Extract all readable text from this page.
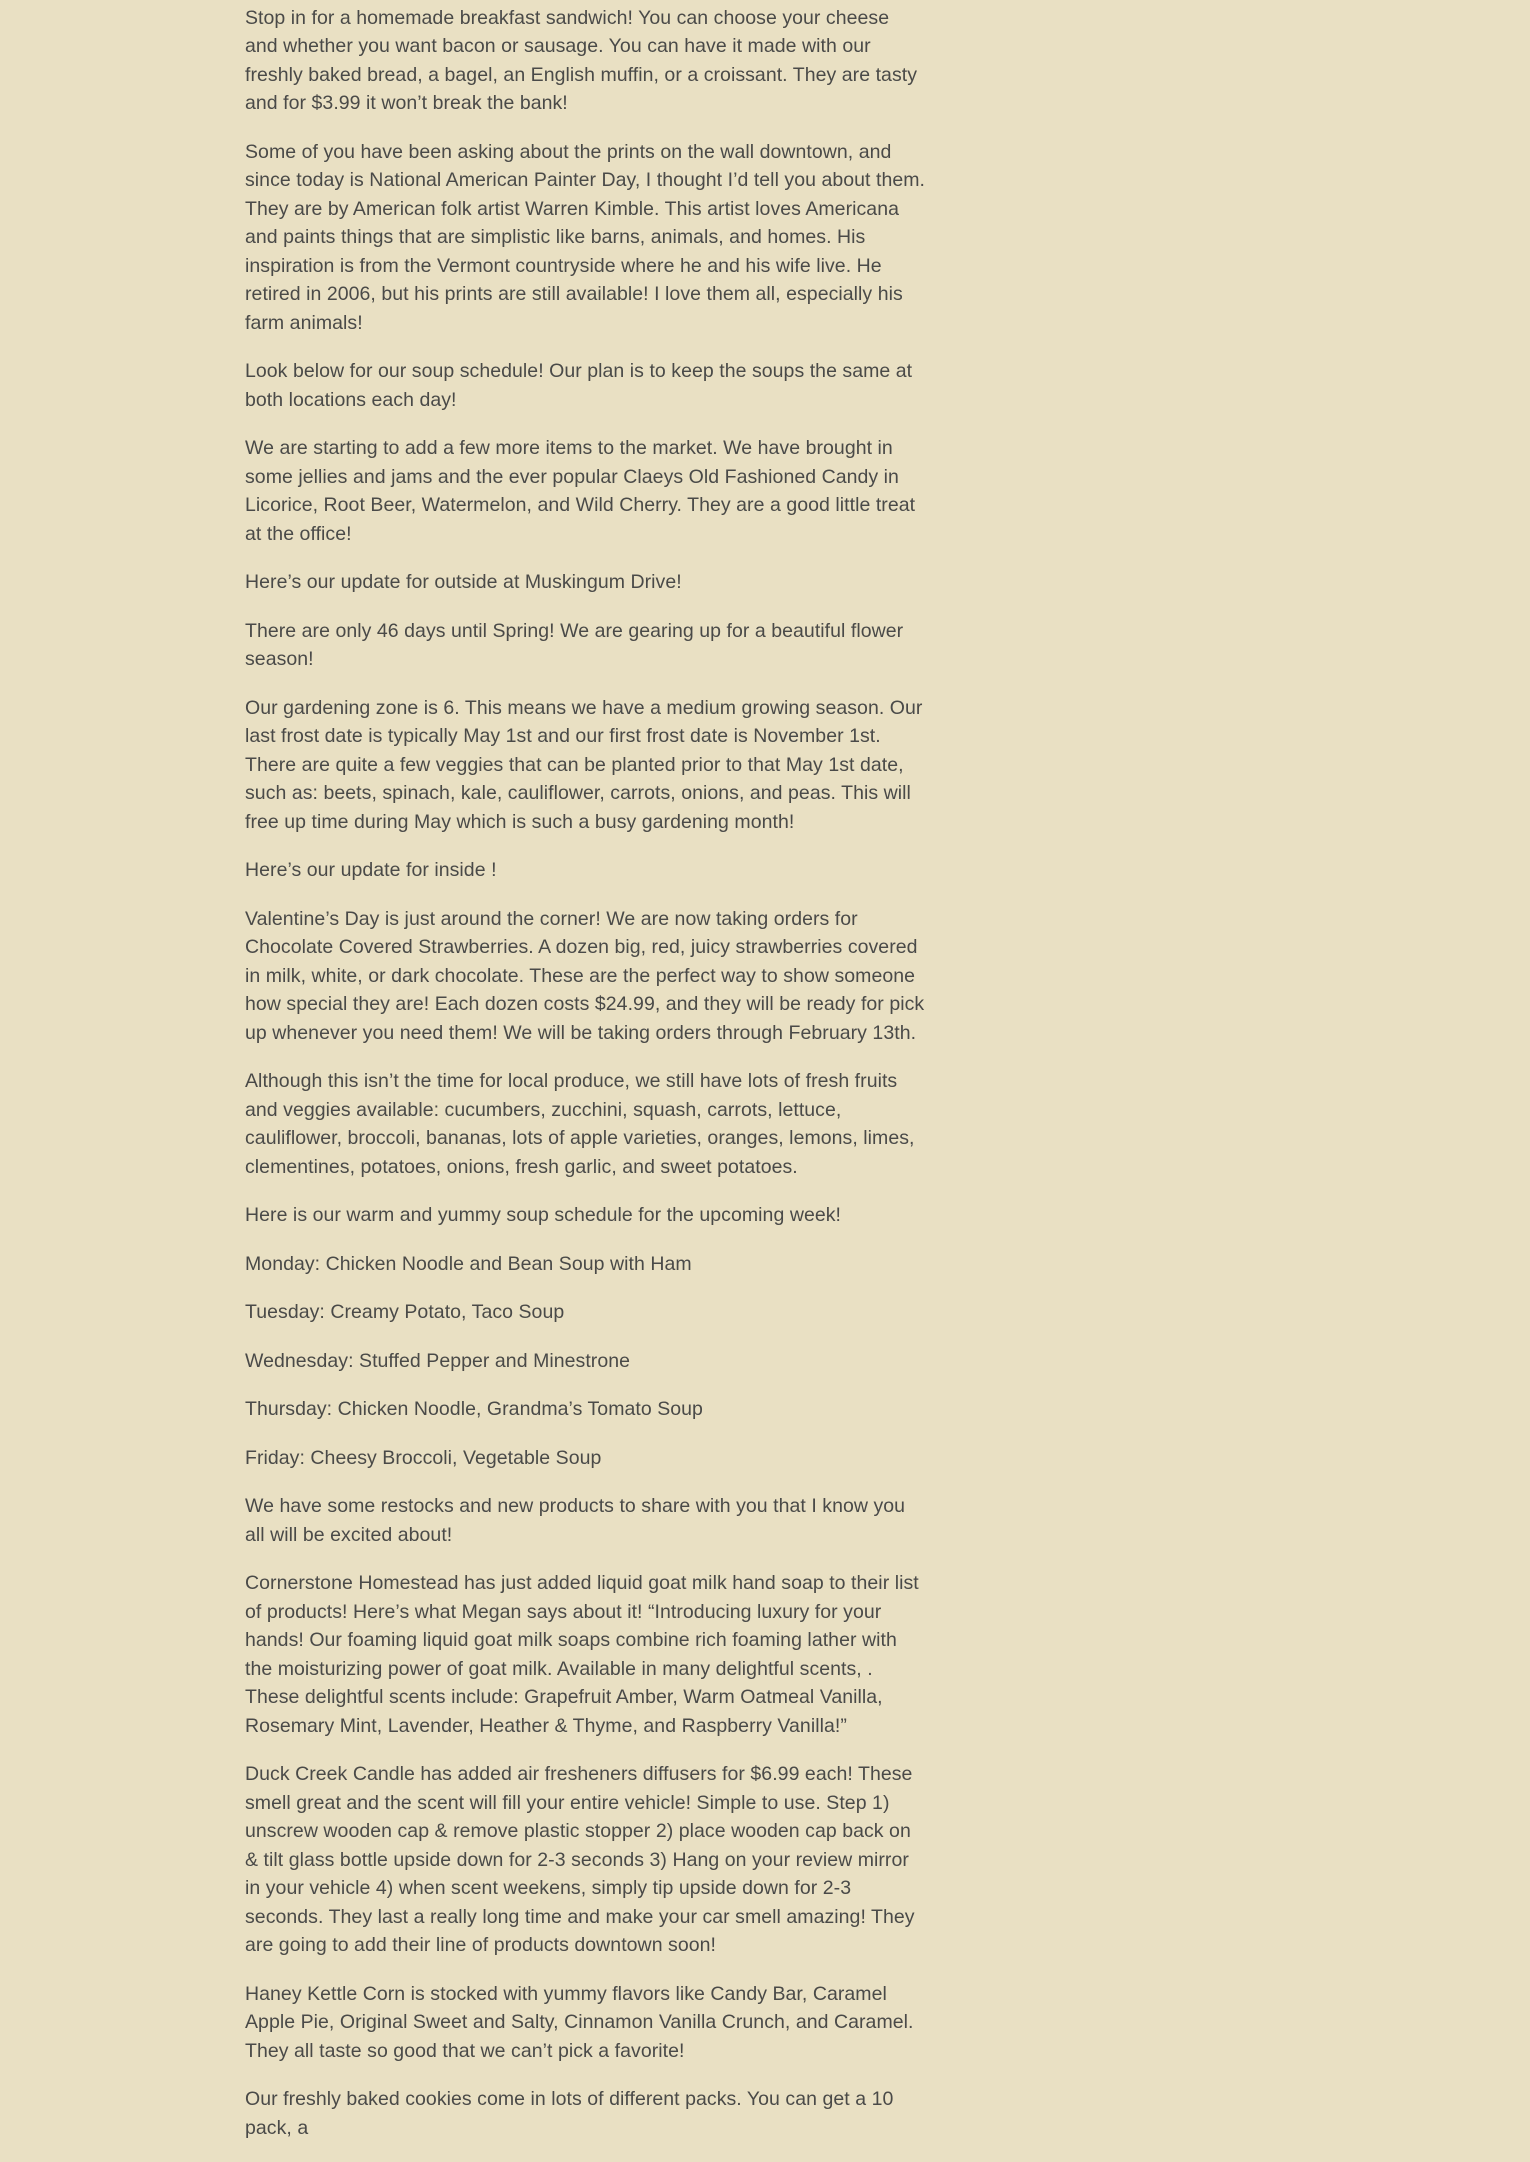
Stop in for a homemade breakfast sandwich! You can choose your cheese and whether you want bacon or sausage. You can have it made with our freshly baked bread, a bagel, an English muffin, or a croissant. They are tasty and for $3.99 it won’t break the bank!

Some of you have been asking about the prints on the wall downtown, and since today is National American Painter Day, I thought I’d tell you about them. They are by American folk artist Warren Kimble. This artist loves Americana and paints things that are simplistic like barns, animals, and homes. His inspiration is from the Vermont countryside where he and his wife live. He retired in 2006, but his prints are still available! I love them all, especially his farm animals!

Look below for our soup schedule! Our plan is to keep the soups the same at both locations each day!

We are starting to add a few more items to the market. We have brought in some jellies and jams and the ever popular Claeys Old Fashioned Candy in Licorice, Root Beer, Watermelon, and Wild Cherry. They are a good little treat at the office!

Here’s our update for outside at Muskingum Drive!

There are only 46 days until Spring! We are gearing up for a beautiful flower season!

Our gardening zone is 6. This means we have a medium growing season. Our last frost date is typically May 1st and our first frost date is November 1st. There are quite a few veggies that can be planted prior to that May 1st date, such as: beets, spinach, kale, cauliflower, carrots, onions, and peas. This will free up time during May which is such a busy gardening month!

Here’s our update for inside !

Valentine’s Day is just around the corner! We are now taking orders for Chocolate Covered Strawberries. A dozen big, red, juicy strawberries covered in milk, white, or dark chocolate. These are the perfect way to show someone how special they are! Each dozen costs $24.99, and they will be ready for pick up whenever you need them! We will be taking orders through February 13th.

Although this isn’t the time for local produce, we still have lots of fresh fruits and veggies available: cucumbers, zucchini, squash, carrots, lettuce, cauliflower, broccoli, bananas, lots of apple varieties, oranges, lemons, limes, clementines, potatoes, onions, fresh garlic, and sweet potatoes.

Here is our warm and yummy soup schedule for the upcoming week!

Monday: Chicken Noodle and Bean Soup with Ham

Tuesday: Creamy Potato, Taco Soup

Wednesday: Stuffed Pepper and Minestrone

Thursday: Chicken Noodle, Grandma’s Tomato Soup

Friday: Cheesy Broccoli, Vegetable Soup

We have some restocks and new products to share with you that I know you all will be excited about!

Cornerstone Homestead has just added liquid goat milk hand soap to their list of products! Here’s what Megan says about it! “Introducing luxury for your hands! Our foaming liquid goat milk soaps combine rich foaming lather with the moisturizing power of goat milk. Available in many delightful scents, . These delightful scents include: Grapefruit Amber, Warm Oatmeal Vanilla, Rosemary Mint, Lavender, Heather & Thyme, and Raspberry Vanilla!”

Duck Creek Candle has added air fresheners diffusers for $6.99 each! These smell great and the scent will fill your entire vehicle! Simple to use. Step 1) unscrew wooden cap & remove plastic stopper 2) place wooden cap back on & tilt glass bottle upside down for 2-3 seconds 3) Hang on your review mirror in your vehicle 4) when scent weekens, simply tip upside down for 2-3 seconds. They last a really long time and make your car smell amazing! They are going to add their line of products downtown soon!

Haney Kettle Corn is stocked with yummy flavors like Candy Bar, Caramel Apple Pie, Original Sweet and Salty, Cinnamon Vanilla Crunch, and Caramel. They all taste so good that we can’t pick a favorite!

Our freshly baked cookies come in lots of different packs. You can get a 10 pack, a
